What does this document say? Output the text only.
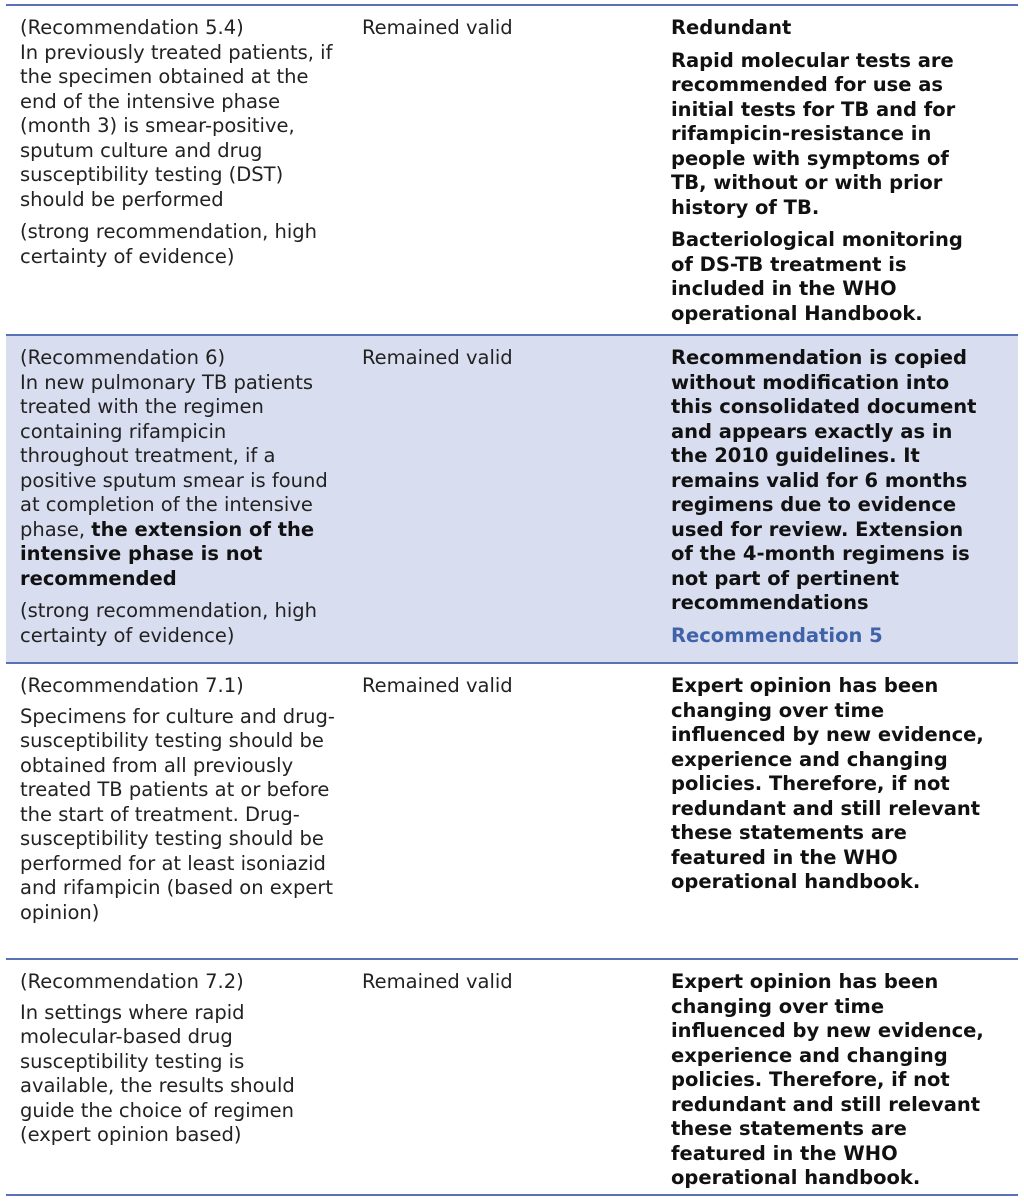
(Recommendation 5.4)

In previously treated patients, if the specimen obtained at the end of the intensive phase (month 3) is smear-positive, sputum culture and drug susceptibility testing (DST) should be performed

(strong recommendation, high certainty of evidence)

Remained valid	Redundant

Rapid molecular tests are recommended for use as initial tests for TB and for rifampicin-resistance in people with symptoms of TB, without or with prior history of TB.

Bacteriological monitoring of DS-TB treatment is included in the WHO operational Handbook.

(Recommendation 6)

In new pulmonary TB patients treated with the regimen containing rifampicin throughout treatment, if a positive sputum smear is found at completion of the intensive phase, the extension of the intensive phase is not recommended

(strong recommendation, high certainty of evidence)

Remained valid	Recommendation is copied without modification into this consolidated document and appears exactly as in the 2010 guidelines. It remains valid for 6 months regimens due to evidence used for review. Extension of the 4-month regimens is not part of pertinent recommendations

Recommendation 5

(Recommendation 7.1)

Specimens for culture and drug-susceptibility testing should be obtained from all previously treated TB patients at or before the start of treatment. Drug-susceptibility testing should be performed for at least isoniazid and rifampicin (based on expert opinion)

Remained valid	Expert opinion has been changing over time influenced by new evidence, experience and changing policies. Therefore, if not redundant and still relevant these statements are featured in the WHO operational handbook.

(Recommendation 7.2)

In settings where rapid molecular-based drug susceptibility testing is available, the results should guide the choice of regimen (expert opinion based)

Remained valid	Expert opinion has been changing over time influenced by new evidence, experience and changing policies. Therefore, if not redundant and still relevant these statements are featured in the WHO operational handbook.
